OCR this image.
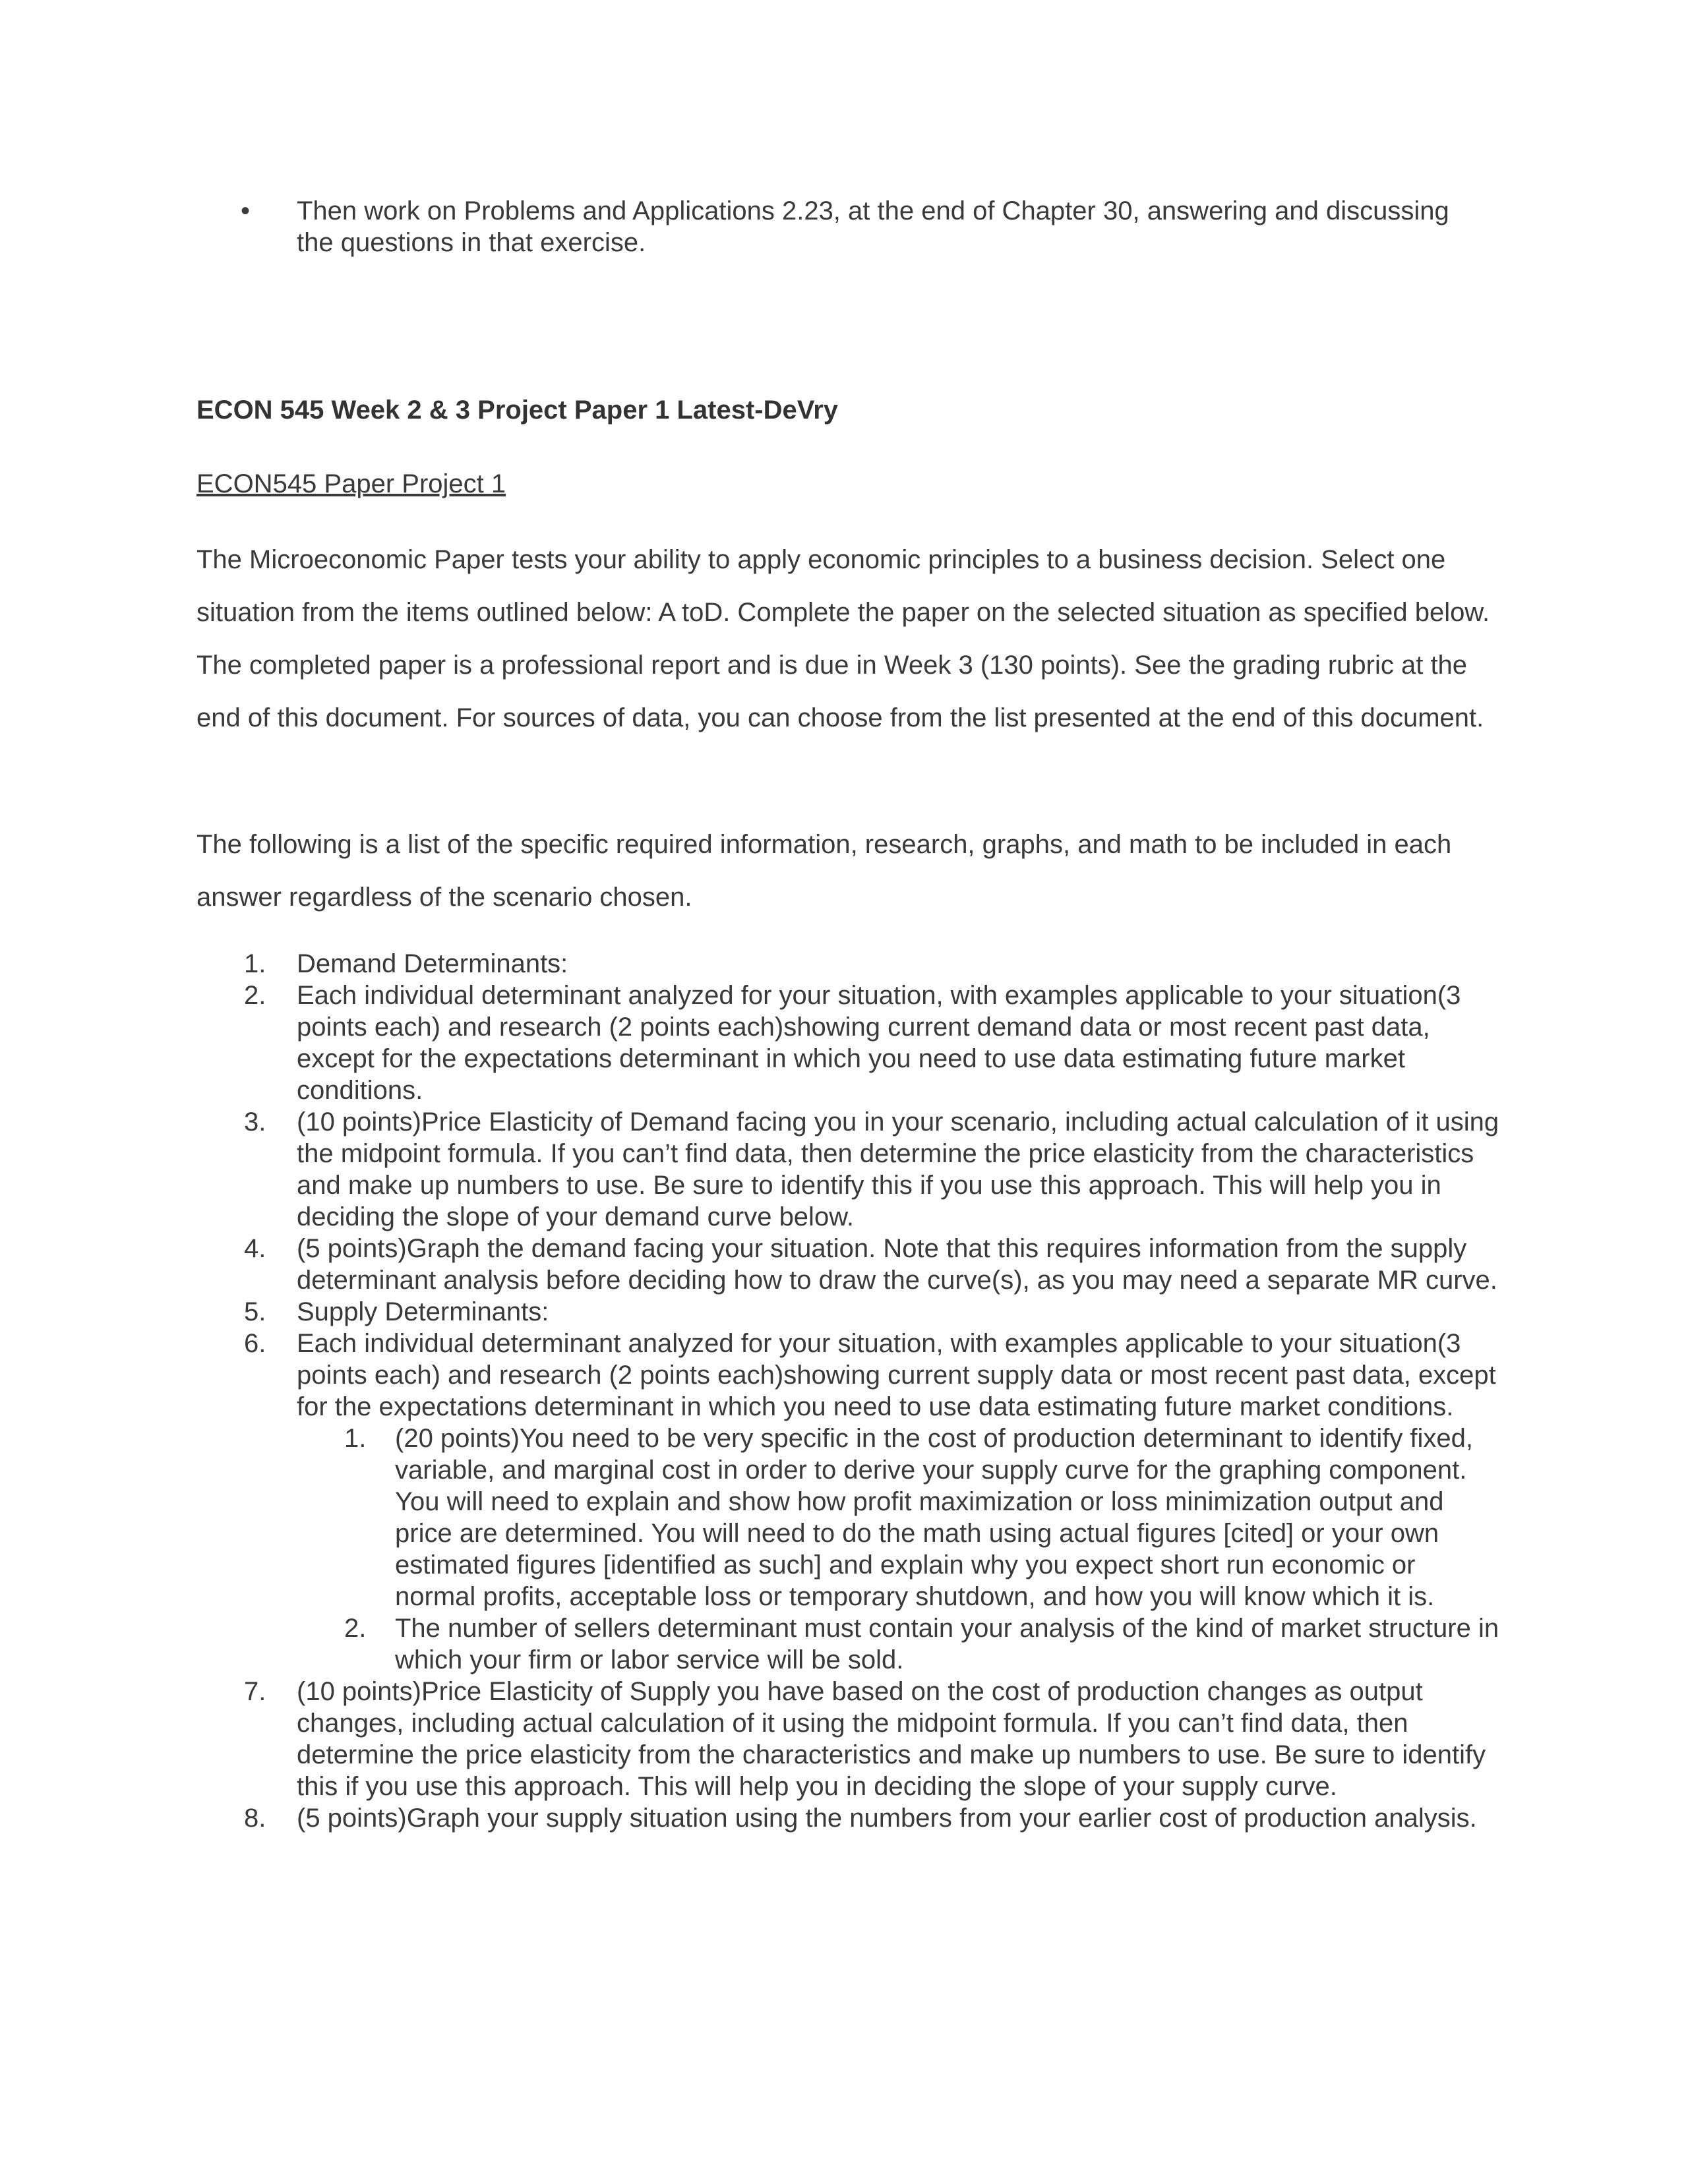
• Then work on Problems and Applications 2.23, at the end of Chapter 30, answering and discussing the questions in that exercise.
ECON 545 Week 2 & 3 Project Paper 1 Latest-DeVry

ECON545 Paper Project 1

The Microeconomic Paper tests your ability to apply economic principles to a business decision. Select one situation from the items outlined below: A toD. Complete the paper on the selected situation as specified below. The completed paper is a professional report and is due in Week 3 (130 points). See the grading rubric at the end of this document. For sources of data, you can choose from the list presented at the end of this document.

The following is a list of the specific required information, research, graphs, and math to be included in each answer regardless of the scenario chosen.

1.	Demand Determinants:
2.	Each individual determinant analyzed for your situation, with examples applicable to your situation(3 points each) and research (2 points each)showing current demand data or most recent past data, except for the expectations determinant in which you need to use data estimating future market conditions.
3.	(10 points)Price Elasticity of Demand facing you in your scenario, including actual calculation of it using the midpoint formula. If you can’t find data, then determine the price elasticity from the characteristics and make up numbers to use. Be sure to identify this if you use this approach. This will help you in deciding the slope of your demand curve below.
4.	(5 points)Graph the demand facing your situation. Note that this requires information from the supply determinant analysis before deciding how to draw the curve(s), as you may need a separate MR curve.
5.	Supply Determinants:
6.	Each individual determinant analyzed for your situation, with examples applicable to your situation(3 points each) and research (2 points each)showing current supply data or most recent past data, except for the expectations determinant in which you need to use data estimating future market conditions.
1.	(20 points)You need to be very specific in the cost of production determinant to identify fixed, variable, and marginal cost in order to derive your supply curve for the graphing component. You will need to explain and show how profit maximization or loss minimization output and price are determined. You will need to do the math using actual figures [cited] or your own estimated figures [identified as such] and explain why you expect short run economic or normal profits, acceptable loss or temporary shutdown, and how you will know which it is.
2.	The number of sellers determinant must contain your analysis of the kind of market structure in which your firm or labor service will be sold.
7.	(10 points)Price Elasticity of Supply you have based on the cost of production changes as output changes, including actual calculation of it using the midpoint formula. If you can’t find data, then determine the price elasticity from the characteristics and make up numbers to use. Be sure to identify this if you use this approach. This will help you in deciding the slope of your supply curve.
8.	(5 points)Graph your supply situation using the numbers from your earlier cost of production analysis.
